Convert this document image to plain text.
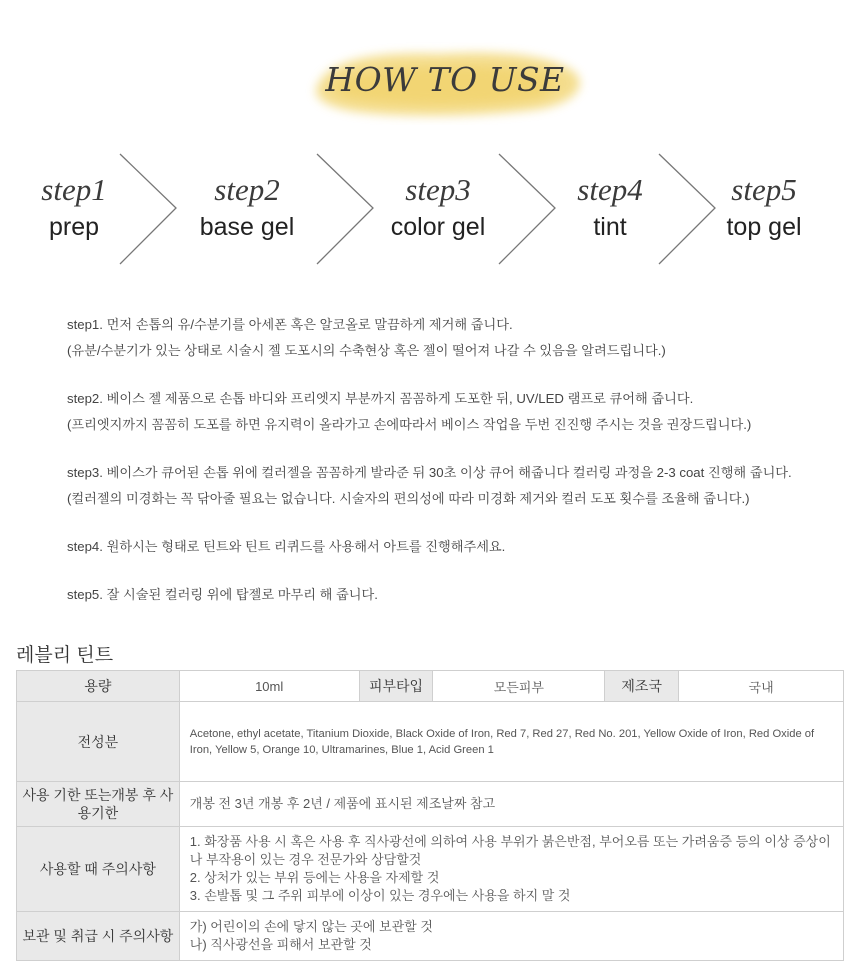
HOW TO USE
step1
prep
step2
base gel
step3
color gel
step4
tint
step5
top gel

step1. 먼저 손톱의 유/수분기를 아세폰 혹은 알코올로 말끔하게 제거해 줍니다.

(유분/수분기가 있는 상태로 시술시 젤 도포시의 수축현상 혹은 젤이 떨어져 나갈 수 있음을 알려드립니다.)

step2. 베이스 젤 제품으로 손톱 바디와 프리엣지 부분까지 꼼꼼하게 도포한 뒤, UV/LED 램프로 큐어해 줍니다.

(프리엣지까지 꼼꼼히 도포를 하면 유지력이 올라가고 손에따라서 베이스 작업을 두번 진진행 주시는 것을 권장드립니다.)

step3. 베이스가 큐어된 손톱 위에 컬러젤을 꼼꼼하게 발라준 뒤 30초 이상 큐어 해줍니다 컬러링 과정을 2-3 coat 진행해 줍니다.

(컬러젤의 미경화는 꼭 닦아줄 필요는 없습니다. 시술자의 편의성에 따라 미경화 제거와 컬러 도포 횟수를 조율해 줍니다.)

step4. 원하시는 형태로 틴트와 틴트 리퀴드를 사용해서 아트를 진행해주세요.

step5. 잘 시술된 컬러링 위에 탑젤로 마무리 해 줍니다.

레블리 틴트
용량	10ml	피부타입	모든피부	제조국	국내
전성분	Acetone, ethyl acetate, Titanium Dioxide, Black Oxide of Iron, Red 7, Red 27, Red No. 201, Yellow Oxide of Iron, Red Oxide of Iron, Yellow 5, Orange 10, Ultramarines, Blue 1, Acid Green 1				
사용 기한 또는개봉 후 사용기한	개봉 전 3년 개봉 후 2년 / 제품에 표시된 제조날짜 참고				
사용할 때 주의사항	1. 화장품 사용 시 혹은 사용 후 직사광선에 의하여 사용 부위가 붉은반점, 부어오름 또는 가려움증 등의 이상 증상이나 부작용이 있는 경우 전문가와 상담할것
2. 상처가 있는 부위 등에는 사용을 자제할 것
3. 손발톱 및 그 주위 피부에 이상이 있는 경우에는 사용을 하지 말 것				

보관 및 취급 시 주의사항	가) 어린이의 손에 닿지 않는 곳에 보관할 것
나) 직사광선을 피해서 보관할 것				
